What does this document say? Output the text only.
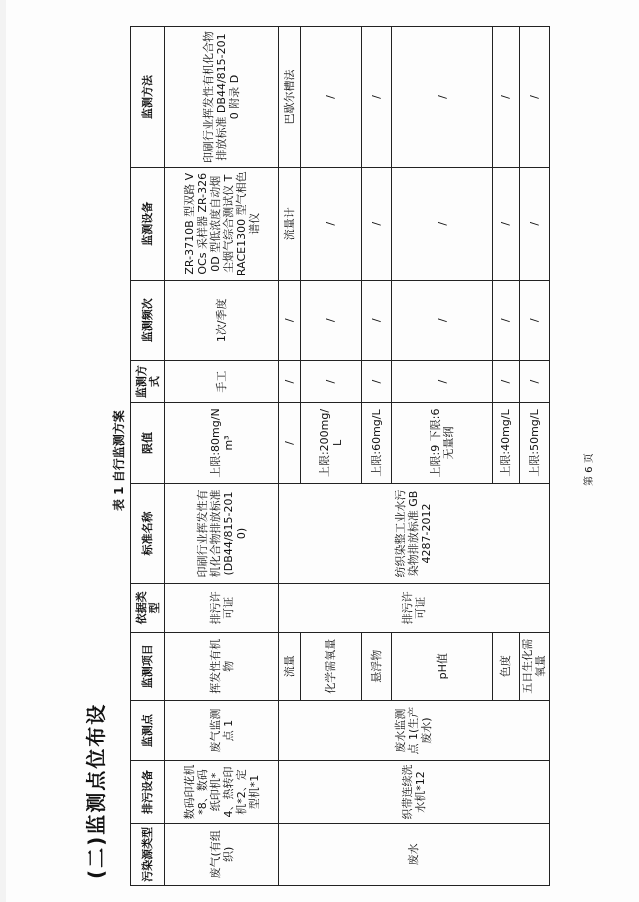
(二)监测点位布设
表 1 自行监测方案
污染源类型	排污设备	监测点	监测项目	依据类型	标准名称	限值	监测方式	监测频次	监测设备	监测方法
废气(有组织)	数码印花机*8、数码纸印机*4、热转印机*2、定型机*1	废气监测点 1	挥发性有机物	排污许可证	印刷行业挥发性有机化合物排放标准(DB44/815-2010)	上限:80mg/Nm³	手工	1次/季度	ZR-3710B 型双路 VOCs 采样器 ZR-3260D 型低浓度自动烟尘烟气综合测试仪 TRACE1300 型气相色谱仪	印刷行业挥发性有机化合物排放标准 DB44/815-2010 附录 D
废水	织带连续洗水机*12	废水监测点 1(生产废水)	流量	排污许可证	纺织染整工业水污染物排放标准 GB 4287-2012	/	/	/	流量计	巴歇尔槽法
			化学需氧量			上限:200mg/L	/	/	/	/
			悬浮物			上限:60mg/L	/	/	/	/
			pH值			上限:9 下限:6 无量纲	/	/	/	/
			色度			上限:40mg/L	/	/	/	/
			五日生化需氧量			上限:50mg/L	/	/	/	/
第 6 页
